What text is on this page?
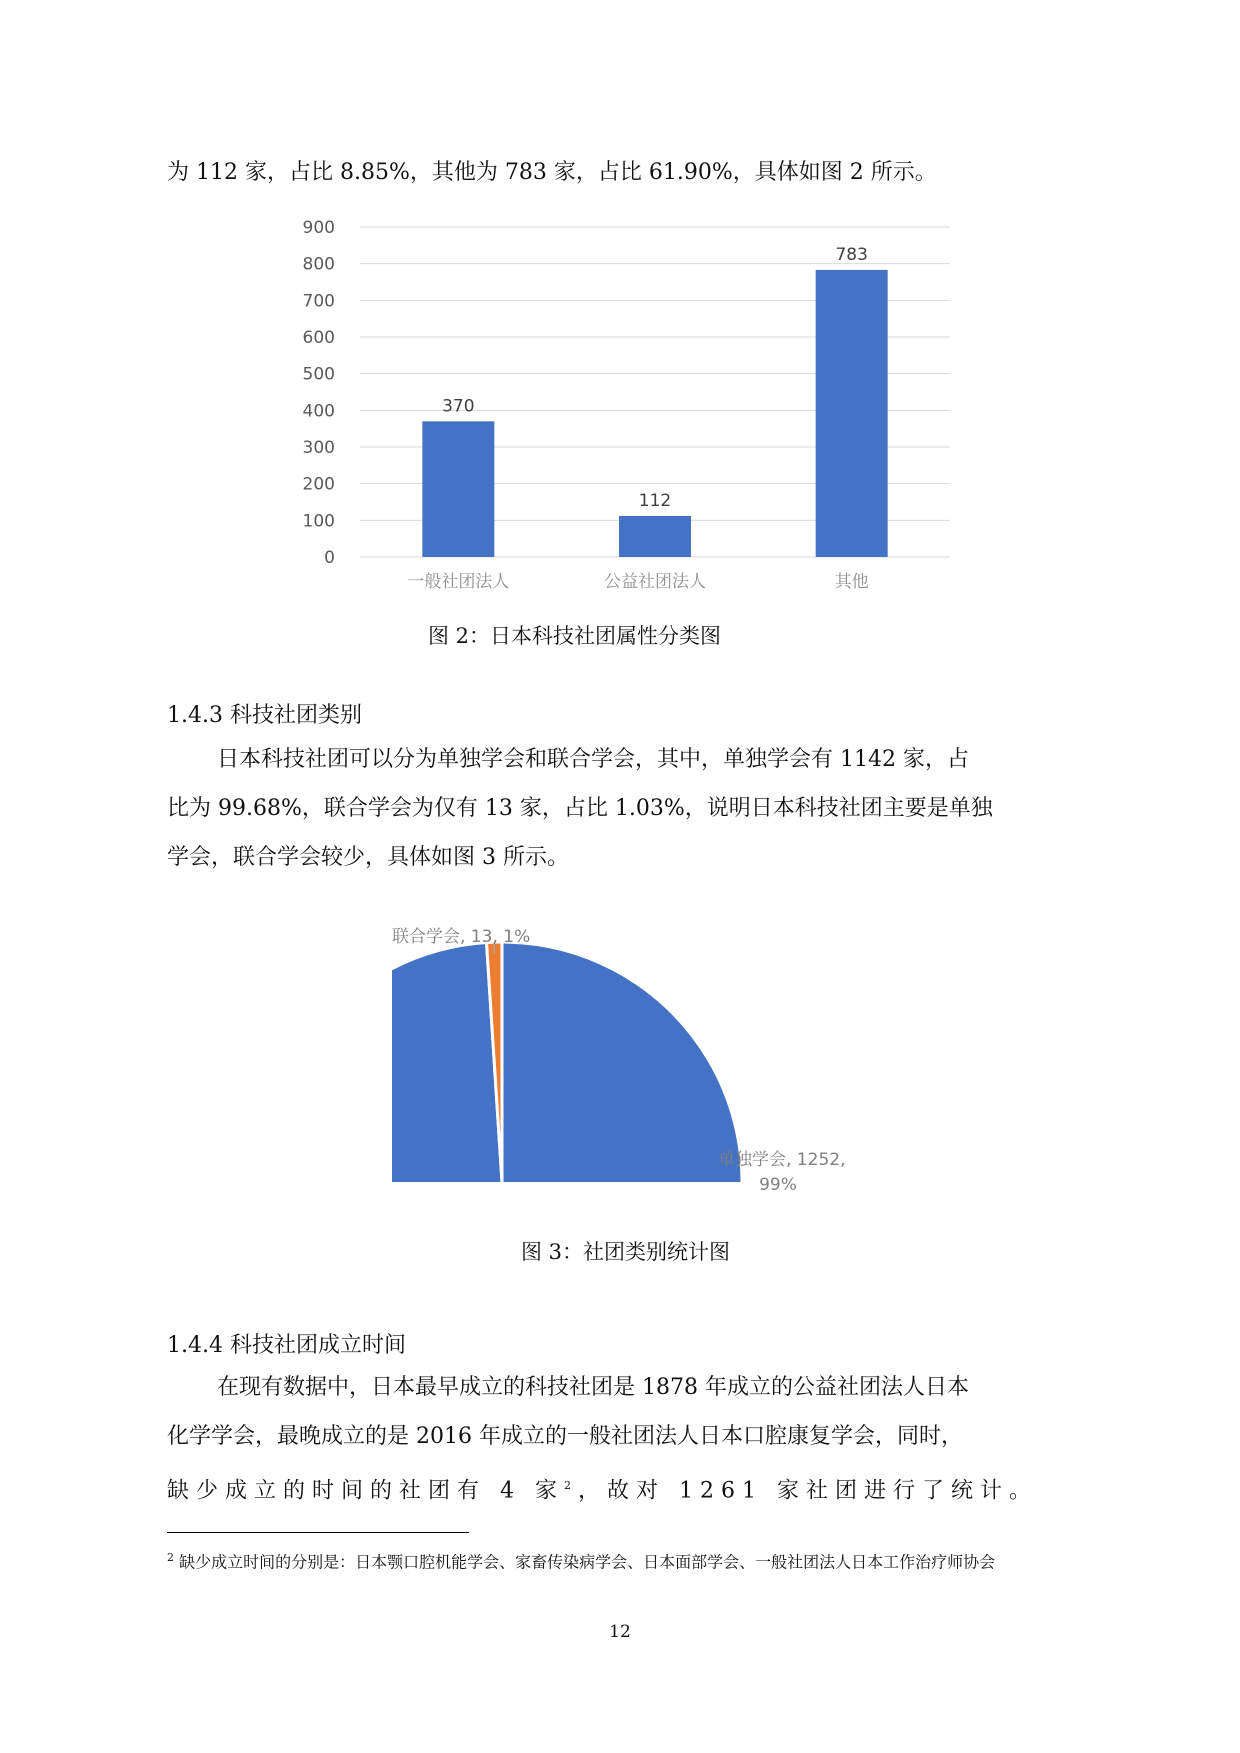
为 112 家，占比 8.85%，其他为 783 家，占比 61.90%，具体如图 2 所示。

0
100
200
300
400
500
600
700
800
900
370
112
783
一般社团法人	公益社团法人	其他

图 2：日本科技社团属性分类图

1.4.3 科技社团类别

日本科技社团可以分为单独学会和联合学会，其中，单独学会有 1142 家，占

比为 99.68%，联合学会为仅有 13 家，占比 1.03%，说明日本科技社团主要是单独

学会，联合学会较少，具体如图 3 所示。

联合学会, 13, 1%
单独学会, 1252,
99%

图 3：社团类别统计图

1.4.4 科技社团成立时间

在现有数据中，日本最早成立的科技社团是 1878 年成立的公益社团法人日本

化学学会，最晚成立的是 2016 年成立的一般社团法人日本口腔康复学会，同时，

缺少成立的时间的社团有 4 家$^2$，故对 1261 家社团进行了统计。

$^2$ 缺少成立时间的分别是：日本颚口腔机能学会、家畜传染病学会、日本面部学会、一般社团法人日本工作治疗师协会

12
